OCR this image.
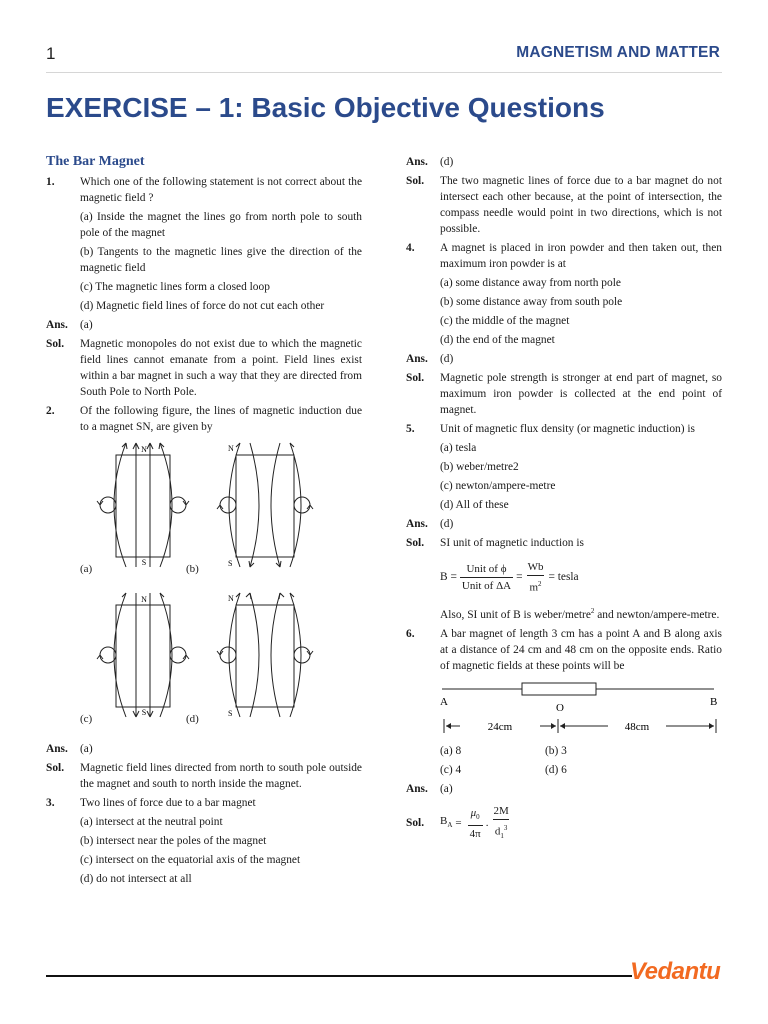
1	MAGNETISM AND MATTER
EXERCISE – 1: Basic Objective Questions
The Bar Magnet
1.	Which one of the following statement is not correct about the magnetic field ?
(a) Inside the magnet the lines go from north pole to south pole of the magnet
(b) Tangents to the magnetic lines give the direction of the magnetic field
(c) The magnetic lines form a closed loop
(d) Magnetic field lines of force do not cut each other
Ans.	(a)
Sol.	Magnetic monopoles do not exist due to which the magnetic field lines cannot emanate from a point. Field lines exist within a bar magnet in such a way that they are directed from South Pole to North Pole.
2.	Of the following figure, the lines of magnetic induction due to a magnet SN, are given by
N
S
(a)
N
S
(b)
N
S
(c)
N
S
(d)
Ans.	(a)
Sol.	Magnetic field lines directed from north to south pole outside the magnet and south to north inside the magnet.
3.	Two lines of force due to a bar magnet
(a) intersect at the neutral point
(b) intersect near the poles of the magnet
(c) intersect on the equatorial axis of the magnet
(d) do not intersect at all
Ans.	(d)
Sol.	The two magnetic lines of force due to a bar magnet do not intersect each other because, at the point of intersection, the compass needle would point in two directions, which is not possible.
4.	A magnet is placed in iron powder and then taken out, then maximum iron powder is at
(a) some distance away from north pole
(b) some distance away from south pole
(c) the middle of the magnet
(d) the end of the magnet
Ans.	(d)
Sol.	Magnetic pole strength is stronger at end part of magnet, so maximum iron powder is collected at the end point of magnet.
5.	Unit of magnetic flux density (or magnetic induction) is
(a) tesla
(b) weber/metre2
(c) newton/ampere-metre
(d) All of these
Ans.	(d)
Sol.	SI unit of magnetic induction is
$B = \frac{\text{Unit of ϕ}}{\text{Unit of ΔA}} = \frac{Wb}{m^2}$ = tesla
Also, SI unit of B is weber/metre$^2$ and newton/ampere-metre.
6.	A bar magnet of length 3 cm has a point A and B along axis at a distance of 24 cm and 48 cm on the opposite ends. Ratio of magnetic fields at these points will be
A	O	B
24cm	48cm
(a) 8	(b) 3
(c) 4	(d) 6
Ans.	(a)
Sol.	$B_A = \frac{\mu_0}{4\pi}$ . $\frac{2M}{d_1^3}$
Vedantu
